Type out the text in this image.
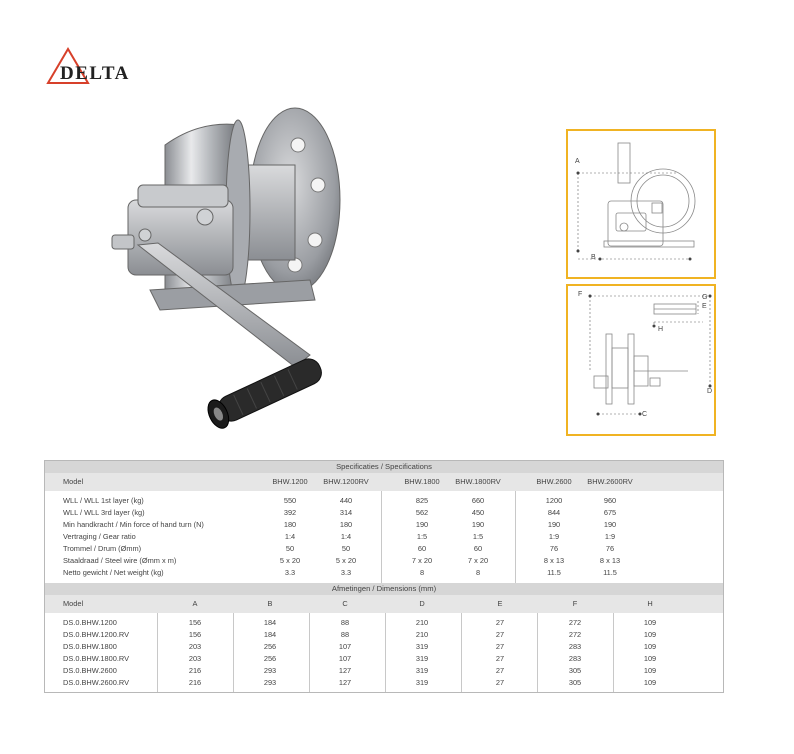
DELTA
A
B
F	G
E
H
C
D
Specificaties / Specifications
Model	BHW.1200	BHW.1200RV	BHW.1800	BHW.1800RV	BHW.2600	BHW.2600RV
WLL / WLL 1st layer (kg)	550	440	825	660	1200	960
WLL / WLL 3rd layer (kg)	392	314	562	450	844	675
Min handkracht / Min force of hand turn (N)	180	180	190	190	190	190
Vertraging / Gear ratio	1:4	1:4	1:5	1:5	1:9	1:9
Trommel / Drum (Ømm)	50	50	60	60	76	76
Staaldraad / Steel wire (Ømm x m)	5 x 20	5 x 20	7 x 20	7 x 20	8 x 13	8 x 13
Netto gewicht / Net weight (kg)	3.3	3.3	8	8	11.5	11.5
Afmetingen / Dimensions (mm)
Model	A	B	C	D	E	F	H
DS.0.BHW.1200	156	184	88	210	27	272	109
DS.0.BHW.1200.RV	156	184	88	210	27	272	109
DS.0.BHW.1800	203	256	107	319	27	283	109
DS.0.BHW.1800.RV	203	256	107	319	27	283	109
DS.0.BHW.2600	216	293	127	319	27	305	109
DS.0.BHW.2600.RV	216	293	127	319	27	305	109
